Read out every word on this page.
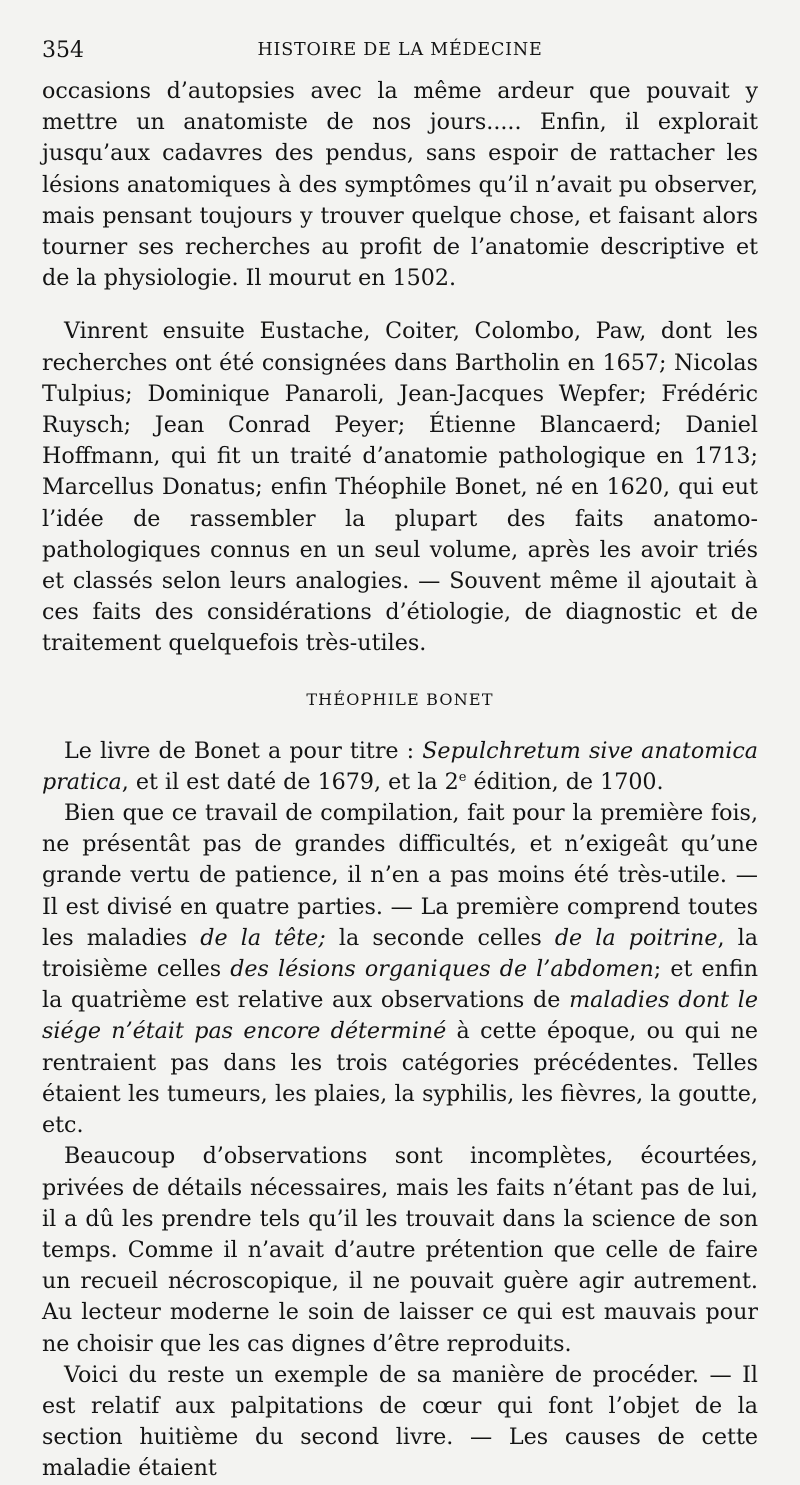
354	HISTOIRE DE LA MÉDECINE

occasions d’autopsies avec la même ardeur que pouvait y mettre un anatomiste de nos jours..... Enfin, il explorait jusqu’aux cadavres des pendus, sans espoir de rattacher les lésions anatomiques à des symptômes qu’il n’avait pu observer, mais pensant toujours y trouver quelque chose, et faisant alors tourner ses recherches au profit de l’anatomie descriptive et de la physiologie. Il mourut en 1502.

Vinrent ensuite Eustache, Coiter, Colombo, Paw, dont les recherches ont été consignées dans Bartholin en 1657; Nicolas Tulpius; Dominique Panaroli, Jean-Jacques Wepfer; Frédéric Ruysch; Jean Conrad Peyer; Étienne Blancaerd; Daniel Hoffmann, qui fit un traité d’anatomie pathologique en 1713; Marcellus Donatus; enfin Théophile Bonet, né en 1620, qui eut l’idée de rassembler la plupart des faits anatomo-pathologiques connus en un seul volume, après les avoir triés et classés selon leurs analogies. — Souvent même il ajoutait à ces faits des considérations d’étiologie, de diagnostic et de traitement quelquefois très-utiles.

THÉOPHILE BONET

Le livre de Bonet a pour titre : Sepulchretum sive anatomica pratica, et il est daté de 1679, et la 2e édition, de 1700.

Bien que ce travail de compilation, fait pour la première fois, ne présentât pas de grandes difficultés, et n’exigeât qu’une grande vertu de patience, il n’en a pas moins été très-utile. — Il est divisé en quatre parties. — La première comprend toutes les maladies de la tête; la seconde celles de la poitrine, la troisième celles des lésions organiques de l’abdomen; et enfin la quatrième est relative aux observations de maladies dont le siége n’était pas encore déterminé à cette époque, ou qui ne rentraient pas dans les trois catégories précédentes. Telles étaient les tumeurs, les plaies, la syphilis, les fièvres, la goutte, etc.

Beaucoup d’observations sont incomplètes, écourtées, privées de détails nécessaires, mais les faits n’étant pas de lui, il a dû les prendre tels qu’il les trouvait dans la science de son temps. Comme il n’avait d’autre prétention que celle de faire un recueil nécroscopique, il ne pouvait guère agir autrement. Au lecteur moderne le soin de laisser ce qui est mauvais pour ne choisir que les cas dignes d’être reproduits.

Voici du reste un exemple de sa manière de procéder. — Il est relatif aux palpitations de cœur qui font l’objet de la section huitième du second livre. — Les causes de cette maladie étaient
